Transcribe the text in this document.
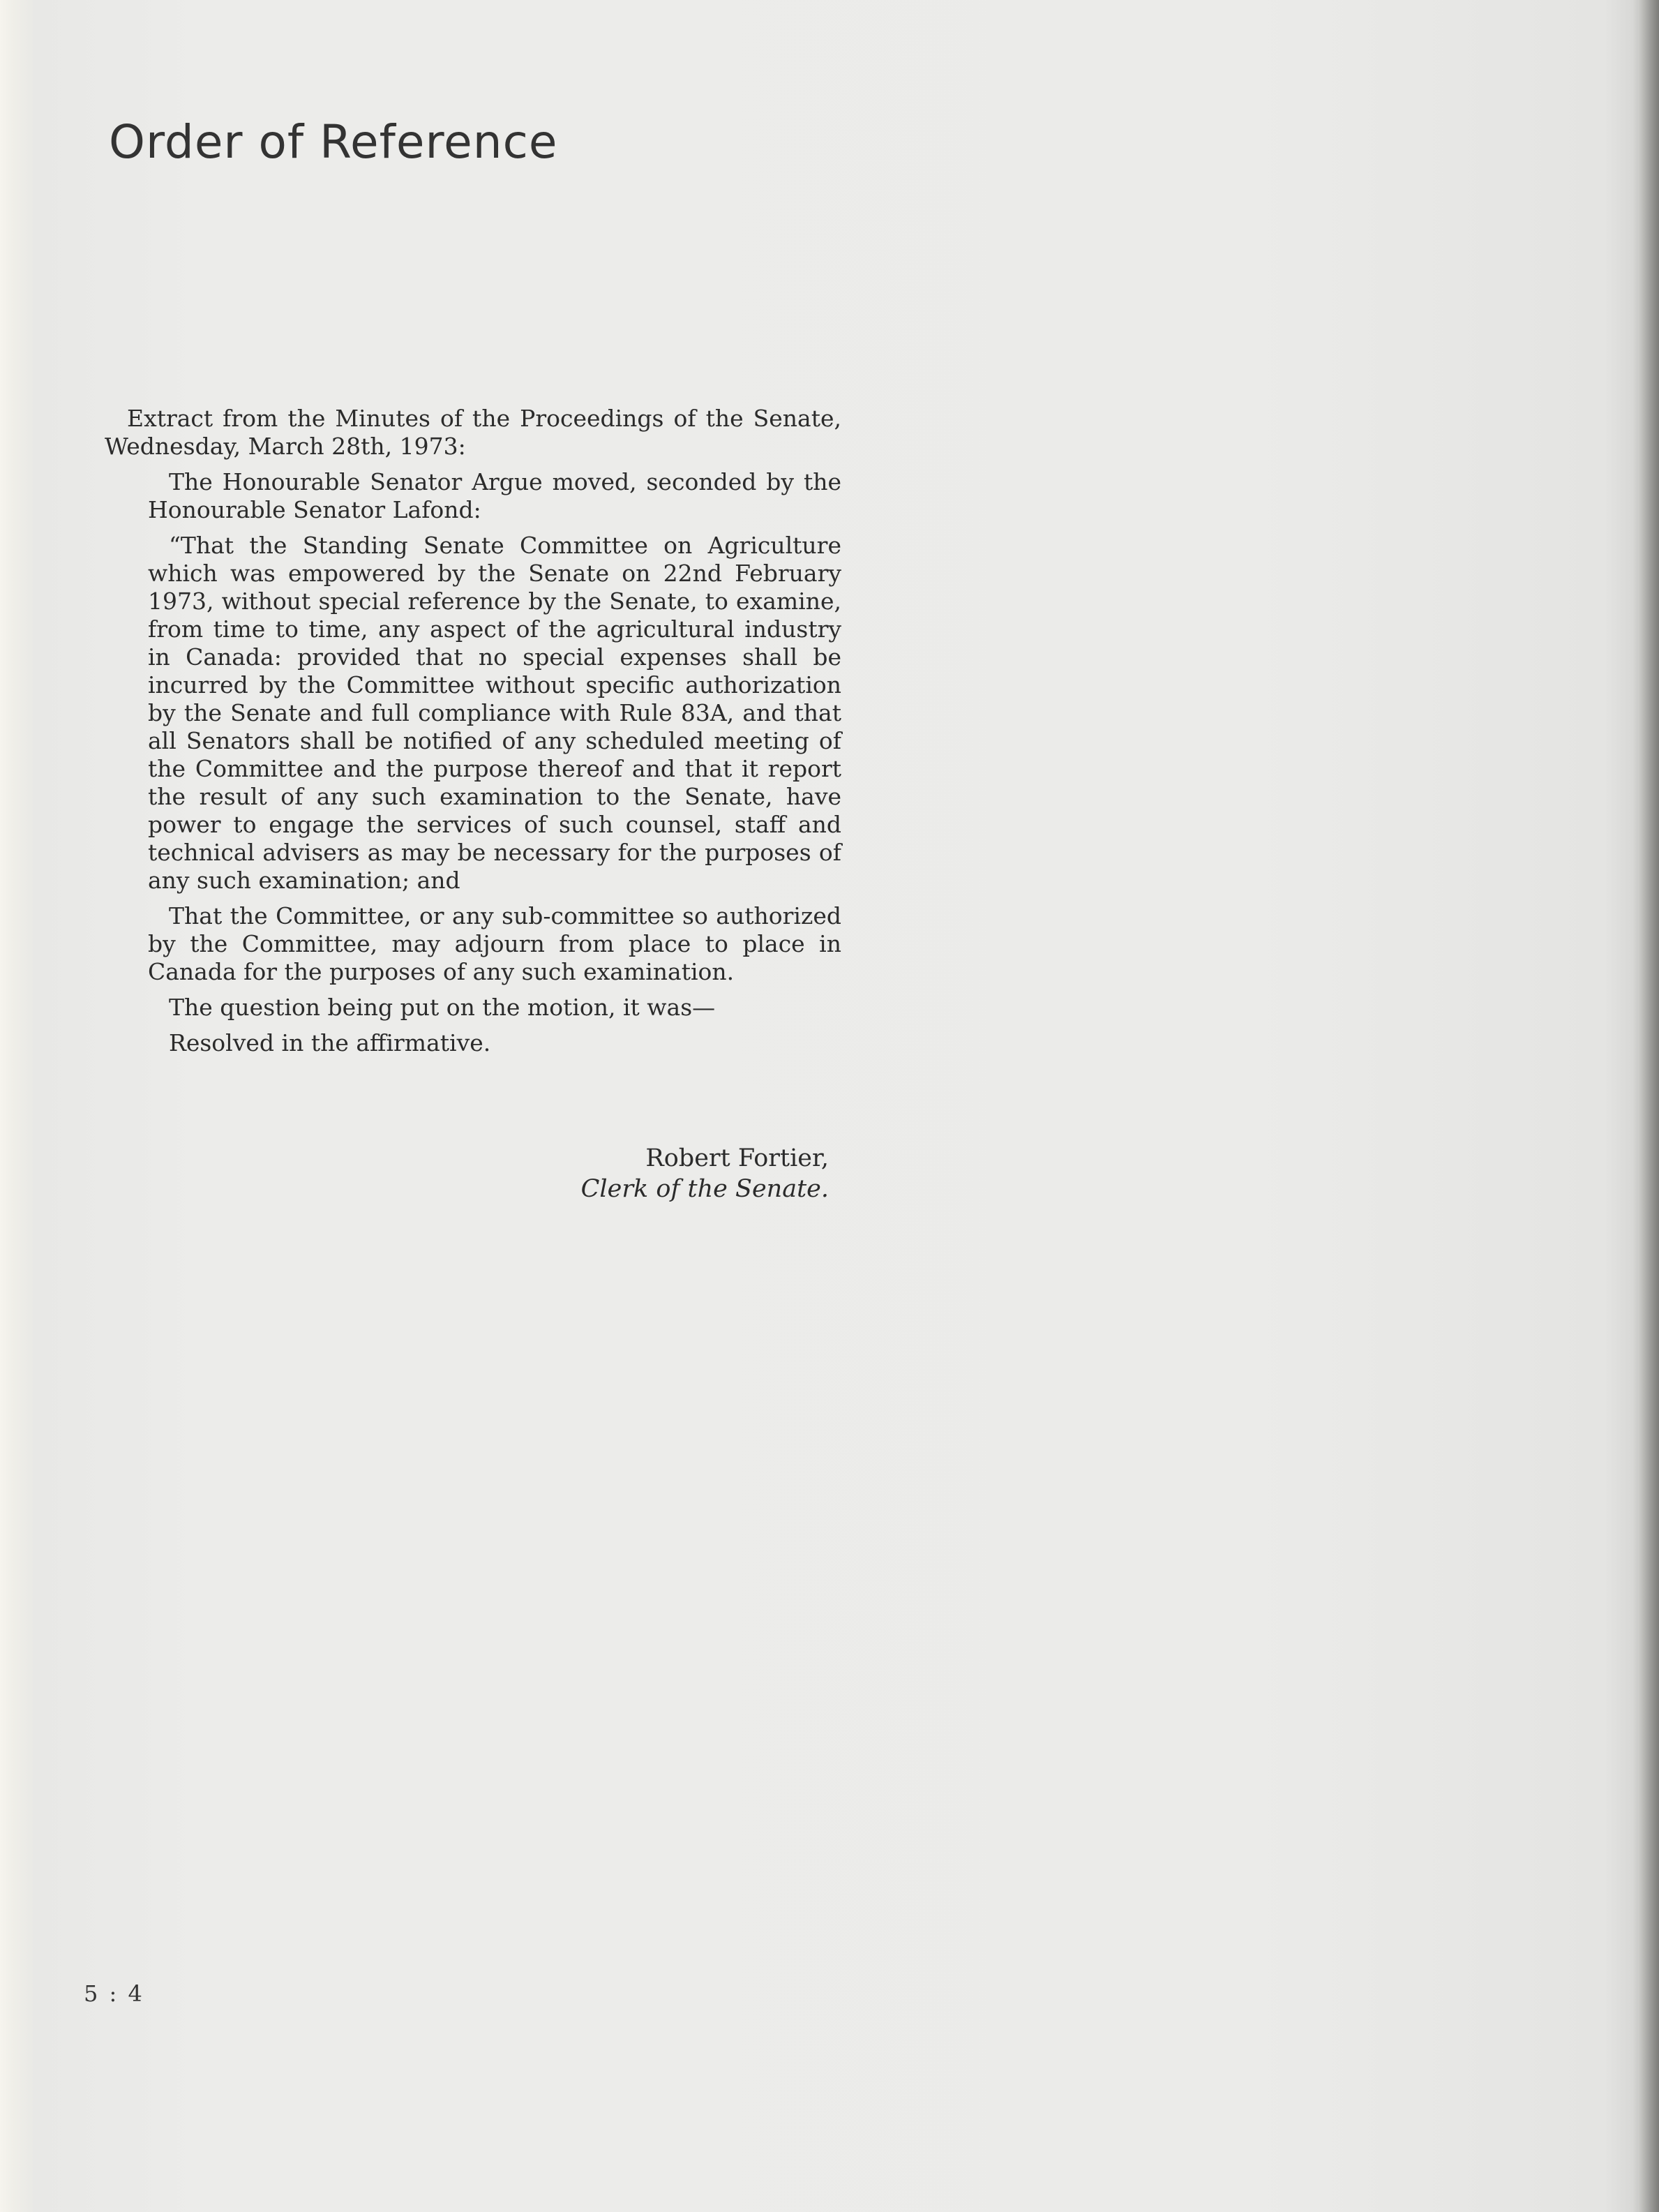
Order of Reference

Extract from the Minutes of the Proceedings of the Senate, Wednesday, March 28th, 1973:

The Honourable Senator Argue moved, seconded by the Honourable Senator Lafond:

“That the Standing Senate Committee on Agriculture which was empowered by the Senate on 22nd February 1973, without special reference by the Senate, to examine, from time to time, any aspect of the agricultural industry in Canada: provided that no special expenses shall be incurred by the Committee without specific authorization by the Senate and full compliance with Rule 83A, and that all Senators shall be notified of any scheduled meeting of the Committee and the purpose thereof and that it report the result of any such examination to the Senate, have power to engage the services of such counsel, staff and technical advisers as may be necessary for the purposes of any such examination; and

That the Committee, or any sub-committee so authorized by the Committee, may adjourn from place to place in Canada for the purposes of any such examination.

The question being put on the motion, it was—

Resolved in the affirmative.

Robert Fortier,
Clerk of the Senate.
5 : 4
